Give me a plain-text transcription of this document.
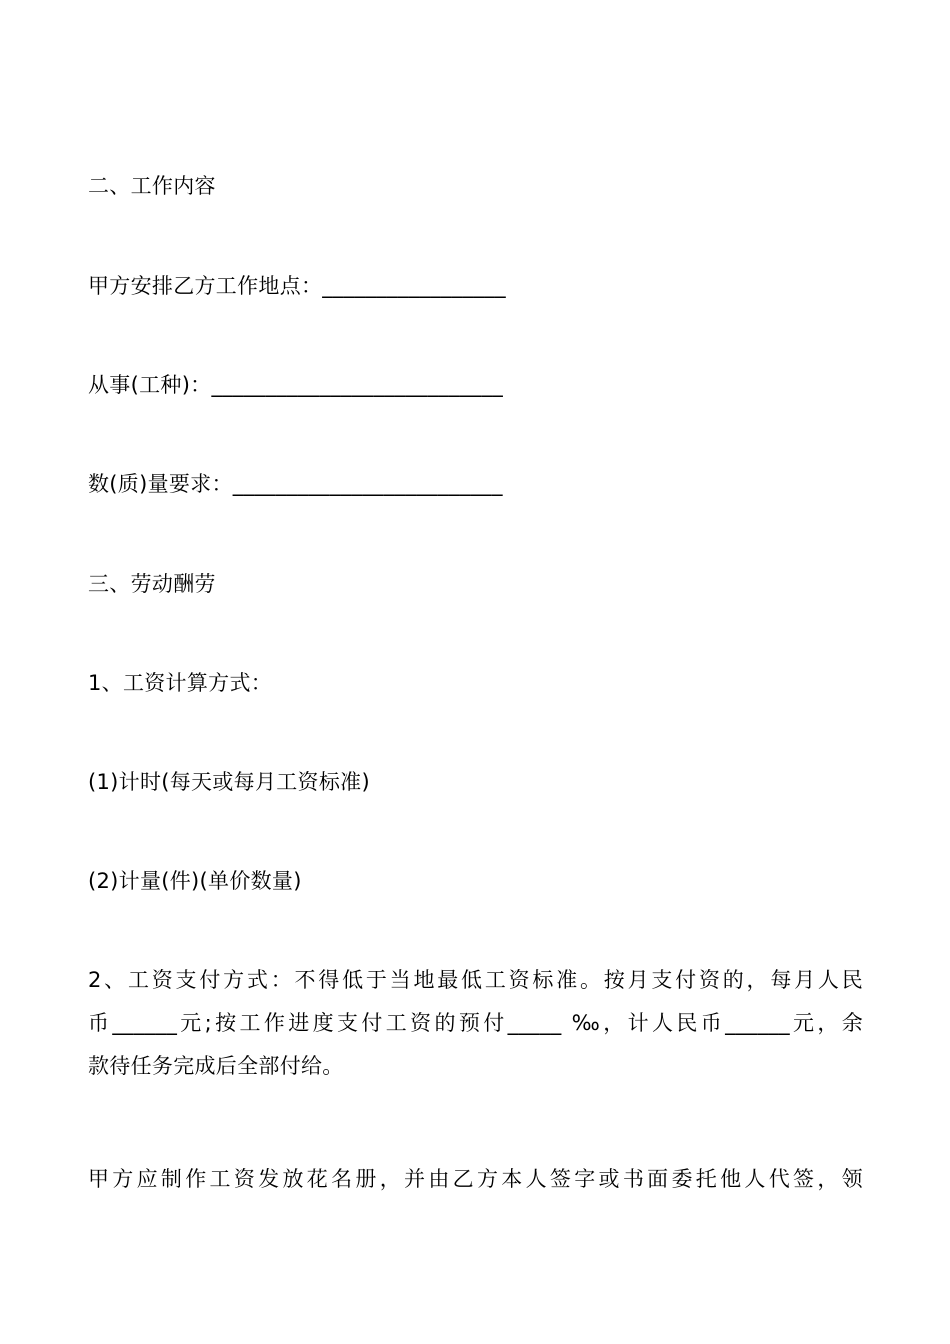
二、工作内容
甲方安排乙方工作地点：_________________
从事(工种)：___________________________
数(质)量要求：_________________________
三、劳动酬劳
1、工资计算方式：
(1)计时(每天或每月工资标准)
(2)计量(件)(单价数量)
2、工资支付方式：不得低于当地最低工资标准。按月支付资的，每月人民
币______元;按工作进度支付工资的预付_____ ‰，计人民币______元，余
款待任务完成后全部付给。
甲方应制作工资发放花名册，并由乙方本人签字或书面委托他人代签，领
